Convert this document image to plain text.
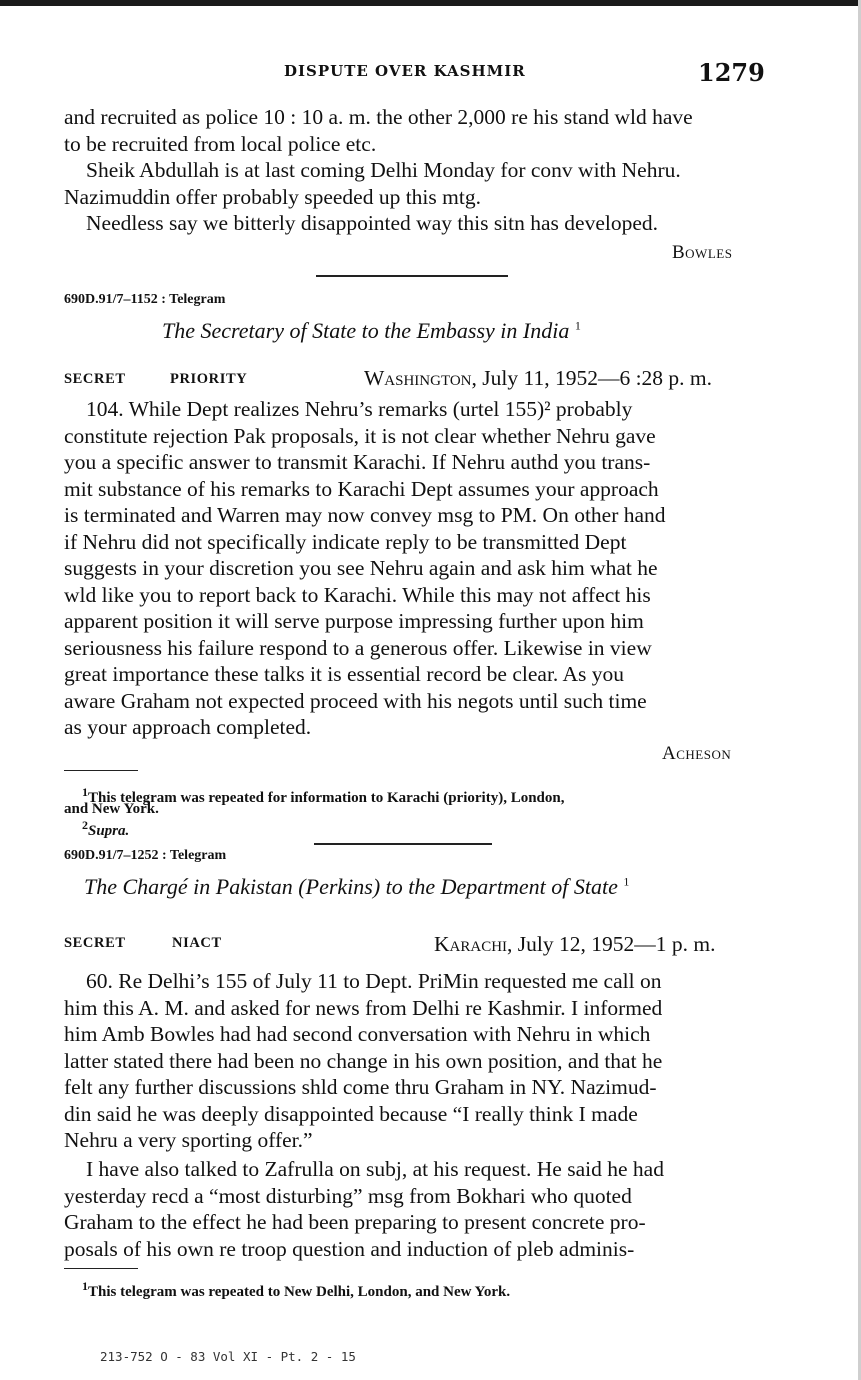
DISPUTE OVER KASHMIR	1279
and recruited as police 10 : 10 a. m. the other 2,000 re his stand wld have
to be recruited from local police etc.
Sheik Abdullah is at last coming Delhi Monday for conv with Nehru.
Nazimuddin offer probably speeded up this mtg.
Needless say we bitterly disappointed way this sitn has developed.
Bowles
690D.91/7–1152 : Telegram
The Secretary of State to the Embassy in India $^1$
SECRET	PRIORITY	Washington, July 11, 1952—6 :28 p. m.
104. While Dept realizes Nehru’s remarks (urtel 155)² probably
constitute rejection Pak proposals, it is not clear whether Nehru gave
you a specific answer to transmit Karachi. If Nehru authd you trans-
mit substance of his remarks to Karachi Dept assumes your approach
is terminated and Warren may now convey msg to PM. On other hand
if Nehru did not specifically indicate reply to be transmitted Dept
suggests in your discretion you see Nehru again and ask him what he
wld like you to report back to Karachi. While this may not affect his
apparent position it will serve purpose impressing further upon him
seriousness his failure respond to a generous offer. Likewise in view
great importance these talks it is essential record be clear. As you
aware Graham not expected proceed with his negots until such time
as your approach completed.
Acheson
$^1$This telegram was repeated for information to Karachi (priority), London,
and New York.
$^2$Supra.
690D.91/7–1252 : Telegram
The Chargé in Pakistan (Perkins) to the Department of State $^1$
SECRET	NIACT	Karachi, July 12, 1952—1 p. m.
60. Re Delhi’s 155 of July 11 to Dept. PriMin requested me call on
him this A. M. and asked for news from Delhi re Kashmir. I informed
him Amb Bowles had had second conversation with Nehru in which
latter stated there had been no change in his own position, and that he
felt any further discussions shld come thru Graham in NY. Nazimud-
din said he was deeply disappointed because “I really think I made
Nehru a very sporting offer.”
I have also talked to Zafrulla on subj, at his request. He said he had
yesterday recd a “most disturbing” msg from Bokhari who quoted
Graham to the effect he had been preparing to present concrete pro-
posals of his own re troop question and induction of pleb adminis-
$^1$This telegram was repeated to New Delhi, London, and New York.
213-752 O - 83 Vol XI - Pt. 2 - 15
